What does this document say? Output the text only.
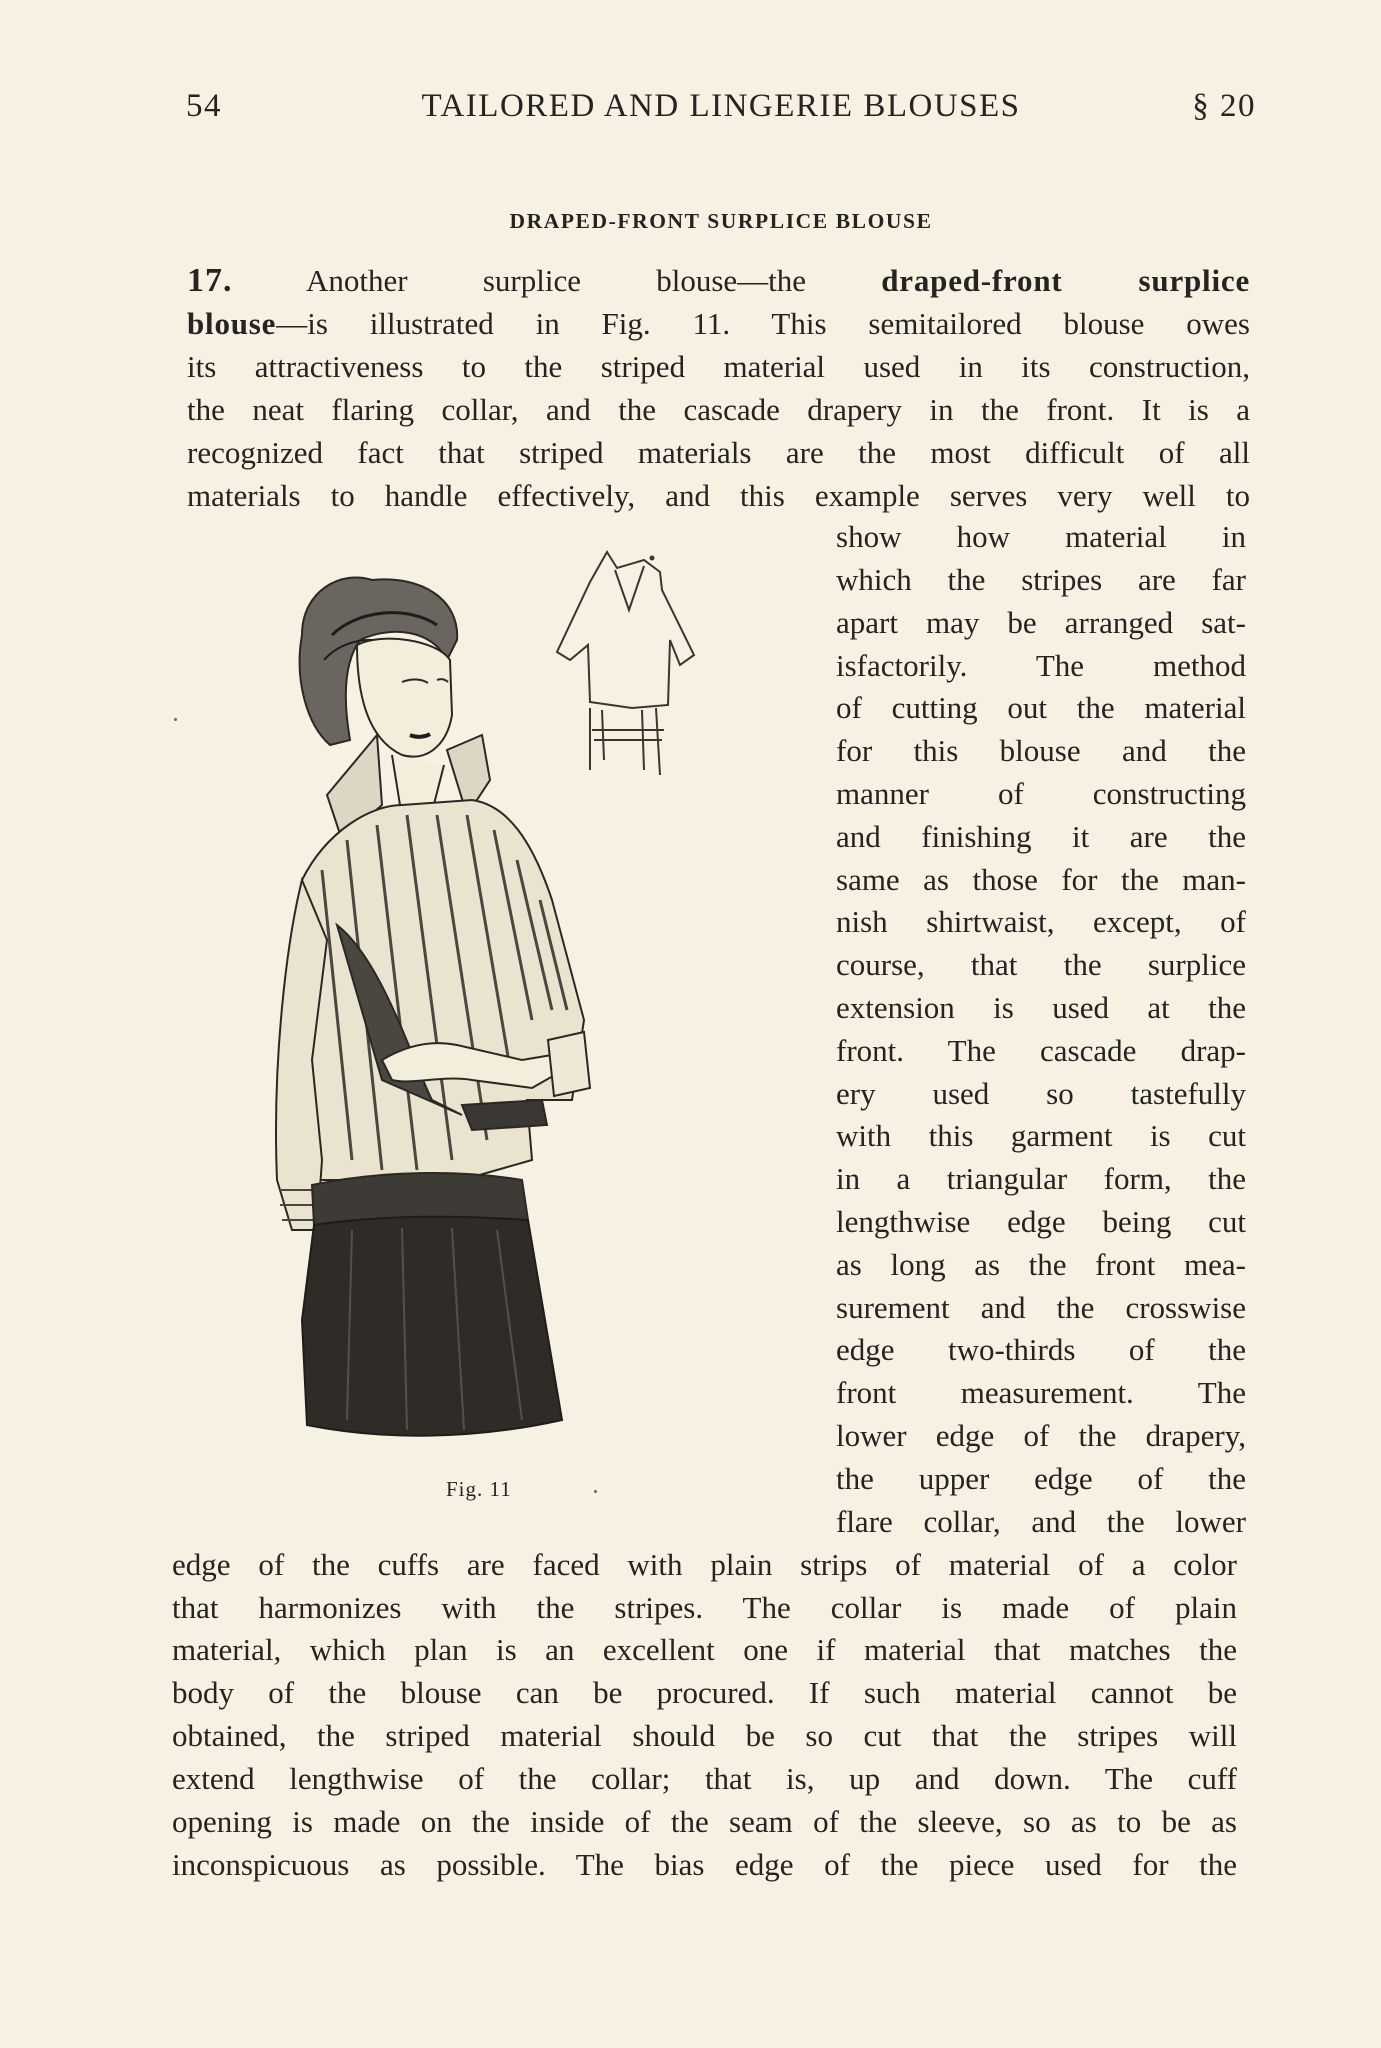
54	TAILORED AND LINGERIE BLOUSES	§ 20
DRAPED-FRONT SURPLICE BLOUSE
17. Another surplice blouse—the draped-front surplice
blouse—is illustrated in Fig. 11. This semitailored blouse owes
its attractiveness to the striped material used in its construction,
the neat flaring collar, and the cascade drapery in the front. It is a
recognized fact that striped materials are the most difficult of all
materials to handle effectively, and this example serves very well to
show how material in
which the stripes are far
apart may be arranged sat-
isfactorily. The method
of cutting out the material
for this blouse and the
manner of constructing
and finishing it are the
same as those for the man-
nish shirtwaist, except, of
course, that the surplice
extension is used at the
front. The cascade drap-
ery used so tastefully
with this garment is cut
in a triangular form, the
lengthwise edge being cut
as long as the front mea-
surement and the crosswise
edge two-thirds of the
front measurement. The
lower edge of the drapery,
the upper edge of the
flare collar, and the lower
edge of the cuffs are faced with plain strips of material of a color
that harmonizes with the stripes. The collar is made of plain
material, which plan is an excellent one if material that matches the
body of the blouse can be procured. If such material cannot be
obtained, the striped material should be so cut that the stripes will
extend lengthwise of the collar; that is, up and down. The cuff
opening is made on the inside of the seam of the sleeve, so as to be as
inconspicuous as possible. The bias edge of the piece used for the
Fig. 11
